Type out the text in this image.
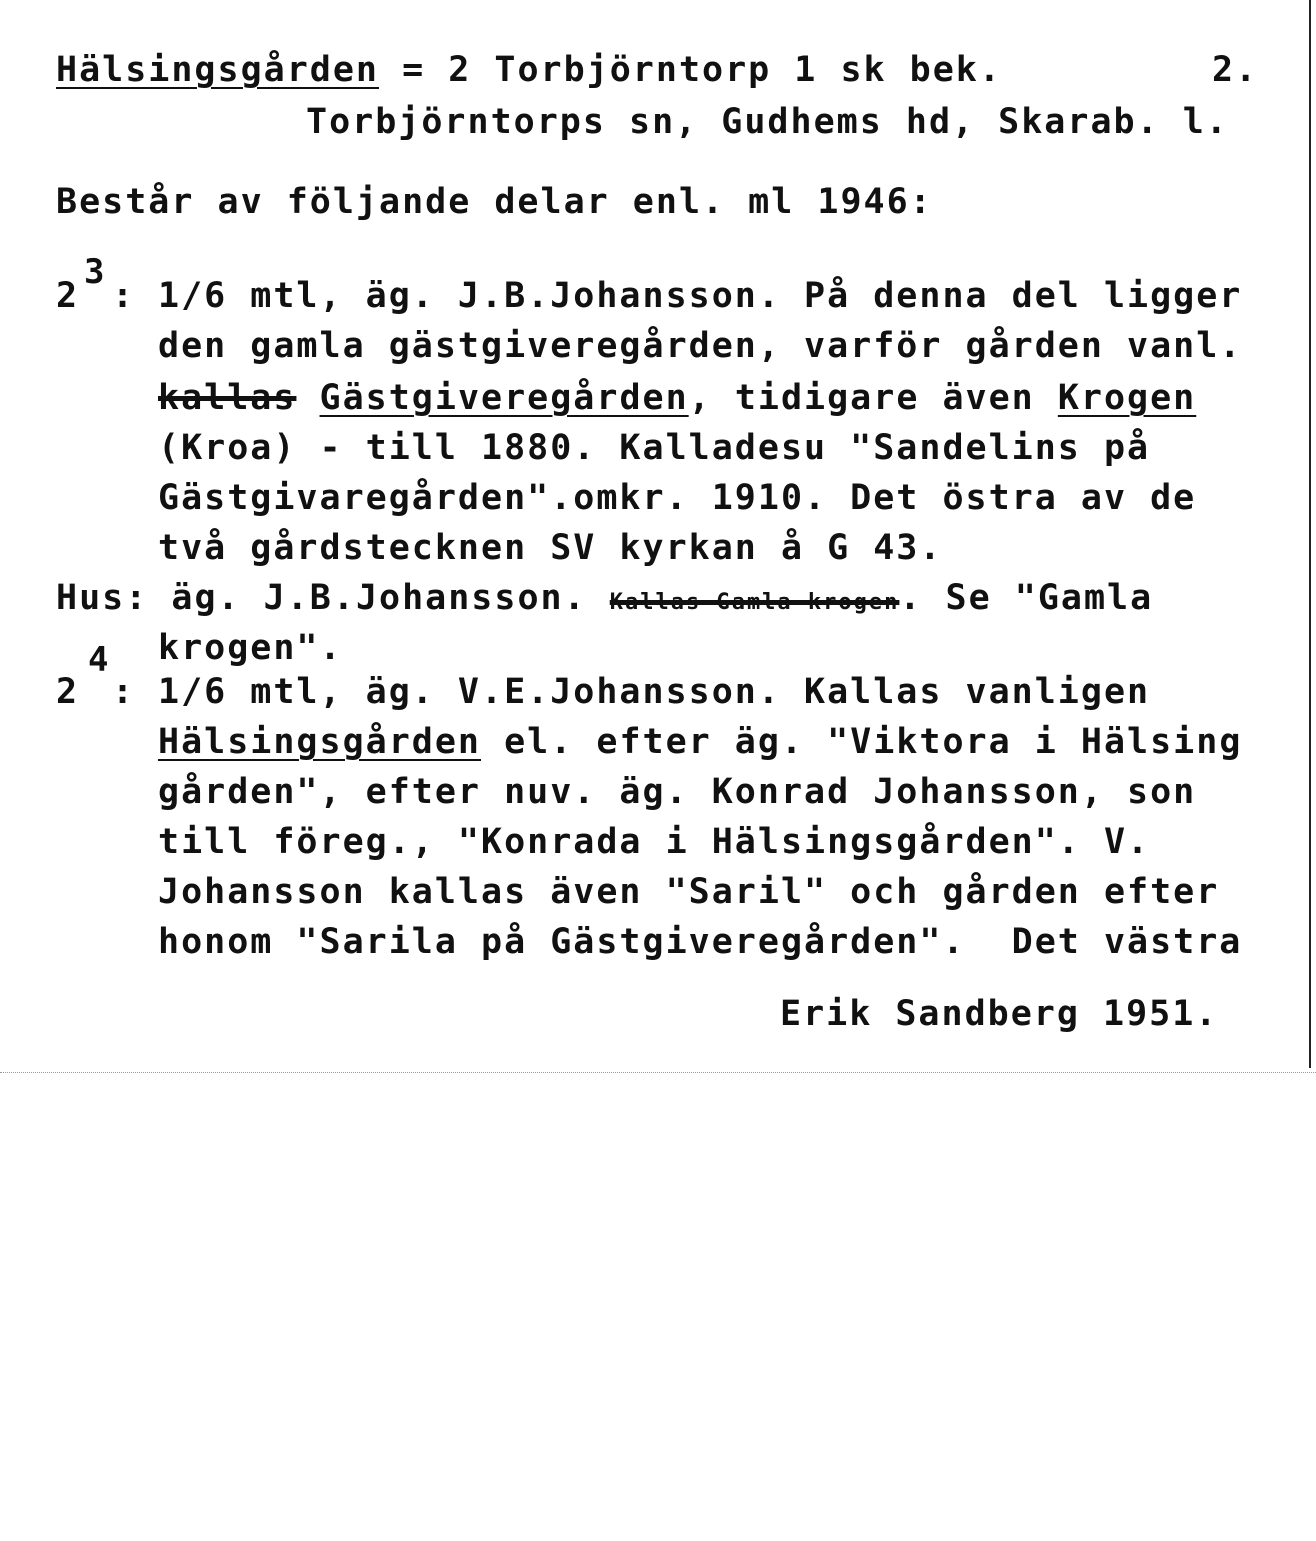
Hälsingsgården = 2 Torbjörntorp 1 sk bek.	2.
Torbjörntorps sn, Gudhems hd, Skarab. l.
Består av följande delar enl. ml 1946:
2
3
: 1/6 mtl, äg. J.B.Johansson. På denna del ligger
den gamla gästgiveregården, varför gården vanl.
kallas Gästgiveregården, tidigare även Krogen
(Kroa) - till 1880. Kalladesu "Sandelins på
Gästgivaregården".omkr. 1910. Det östra av de
två gårdstecknen SV kyrkan å G 43.
Hus: äg. J.B.Johansson. Kallas Gamla krogen. Se "Gamla
krogen".
2
4
: 1/6 mtl, äg. V.E.Johansson. Kallas vanligen
Hälsingsgården el. efter äg. "Viktora i Hälsing
gården", efter nuv. äg. Konrad Johansson, son
till föreg., "Konrada i Hälsingsgården". V.
Johansson kallas även "Saril" och gården efter
honom "Sarila på Gästgiveregården".  Det västra
Erik Sandberg 1951.
